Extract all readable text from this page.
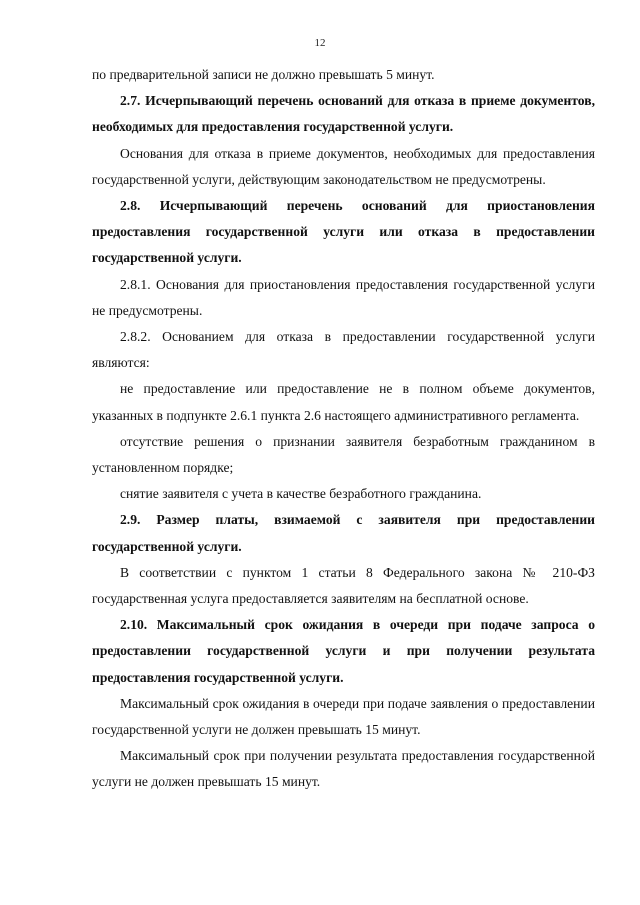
12

по предварительной записи не должно превышать 5 минут.

2.7. Исчерпывающий перечень оснований для отказа в приеме документов, необходимых для предоставления государственной услуги.

Основания для отказа в приеме документов, необходимых для предоставления государственной услуги, действующим законодательством не предусмотрены.

2.8. Исчерпывающий перечень оснований для приостановления предоставления государственной услуги или отказа в предоставлении государственной услуги.

2.8.1. Основания для приостановления предоставления государственной услуги не предусмотрены.

2.8.2. Основанием для отказа в предоставлении государственной услуги являются:

не предоставление или предоставление не в полном объеме документов, указанных в подпункте 2.6.1 пункта 2.6 настоящего административного регламента.

отсутствие решения о признании заявителя безработным гражданином в установленном порядке;

снятие заявителя с учета в качестве безработного гражданина.

2.9. Размер платы, взимаемой с заявителя при предоставлении государственной услуги.

В соответствии с пунктом 1 статьи 8 Федерального закона № 210-ФЗ государственная услуга предоставляется заявителям на бесплатной основе.

2.10. Максимальный срок ожидания в очереди при подаче запроса о предоставлении государственной услуги и при получении результата предоставления государственной услуги.

Максимальный срок ожидания в очереди при подаче заявления о предоставлении государственной услуги не должен превышать 15 минут.

Максимальный срок при получении результата предоставления государственной услуги не должен превышать 15 минут.
